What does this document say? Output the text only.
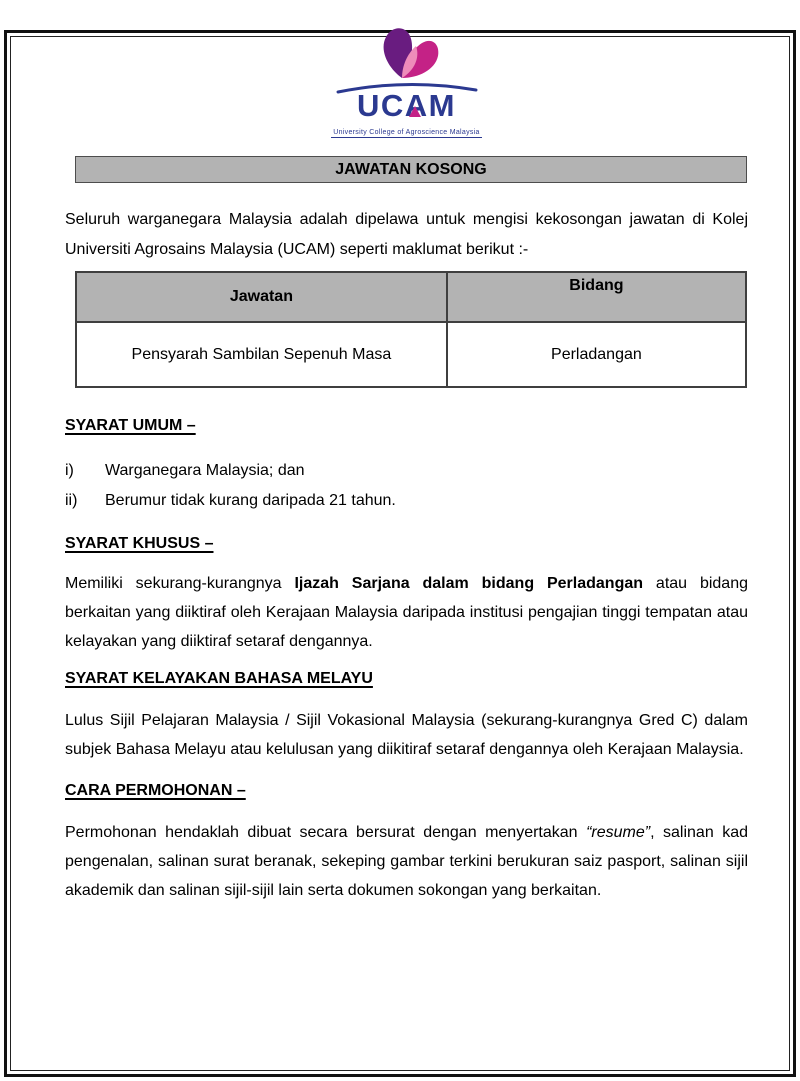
UCAM

University College of Agroscience Malaysia
JAWATAN KOSONG

Seluruh warganegara Malaysia adalah dipelawa untuk mengisi kekosongan jawatan di Kolej Universiti Agrosains Malaysia (UCAM) seperti maklumat berikut :-

Jawatan	Bidang
Pensyarah Sambilan Sepenuh Masa	Perladangan
SYARAT UMUM –
i)	Warganegara Malaysia; dan
ii)	Berumur tidak kurang daripada 21 tahun.
SYARAT KHUSUS –

Memiliki sekurang-kurangnya Ijazah Sarjana dalam bidang Perladangan atau bidang berkaitan yang diiktiraf oleh Kerajaan Malaysia daripada institusi pengajian tinggi tempatan atau kelayakan yang diiktiraf setaraf dengannya.

SYARAT KELAYAKAN BAHASA MELAYU

Lulus Sijil Pelajaran Malaysia / Sijil Vokasional Malaysia (sekurang-kurangnya Gred C) dalam subjek Bahasa Melayu atau kelulusan yang diikitiraf setaraf dengannya oleh Kerajaan Malaysia.

CARA PERMOHONAN –

Permohonan hendaklah dibuat secara bersurat dengan menyertakan “resume”, salinan kad pengenalan, salinan surat beranak, sekeping gambar terkini berukuran saiz pasport, salinan sijil akademik dan salinan sijil-sijil lain serta dokumen sokongan yang berkaitan.
